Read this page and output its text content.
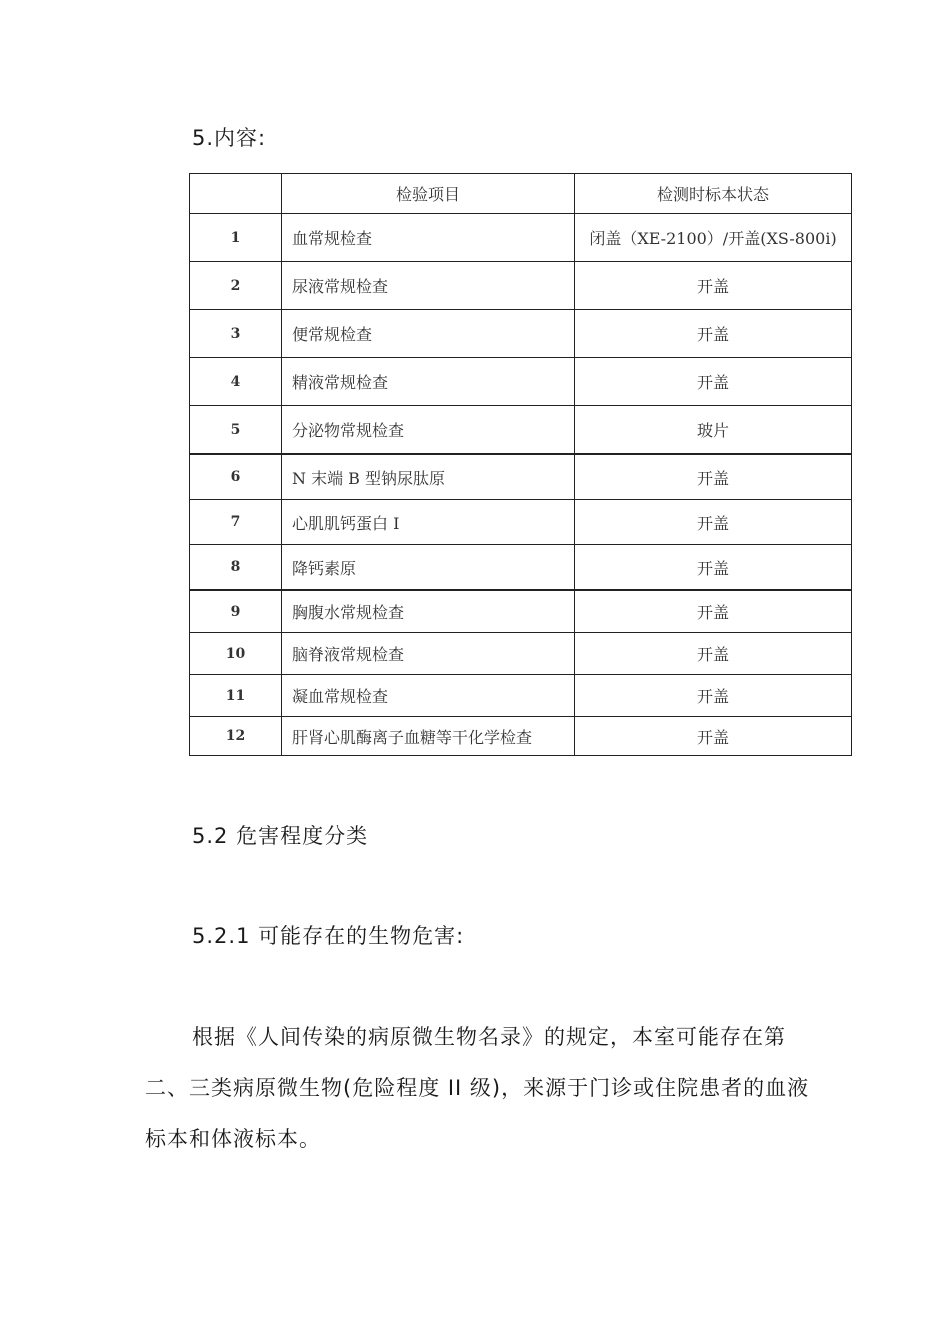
5.内容:
	检验项目	检测时标本状态
1	血常规检查	闭盖（XE-2100）/开盖(XS-800i)
2	尿液常规检查	开盖
3	便常规检查	开盖
4	精液常规检查	开盖
5	分泌物常规检查	玻片
6	N 末端 B 型钠尿肽原	开盖
7	心肌肌钙蛋白 I	开盖
8	降钙素原	开盖
9	胸腹水常规检查	开盖
10	脑脊液常规检查	开盖
11	凝血常规检查	开盖
12	肝肾心肌酶离子血糖等干化学检查	开盖
5.2 危害程度分类
5.2.1 可能存在的生物危害:

根据《人间传染的病原微生物名录》的规定，本室可能存在第二、三类病原微生物(危险程度 II 级)，来源于门诊或住院患者的血液标本和体液标本。
